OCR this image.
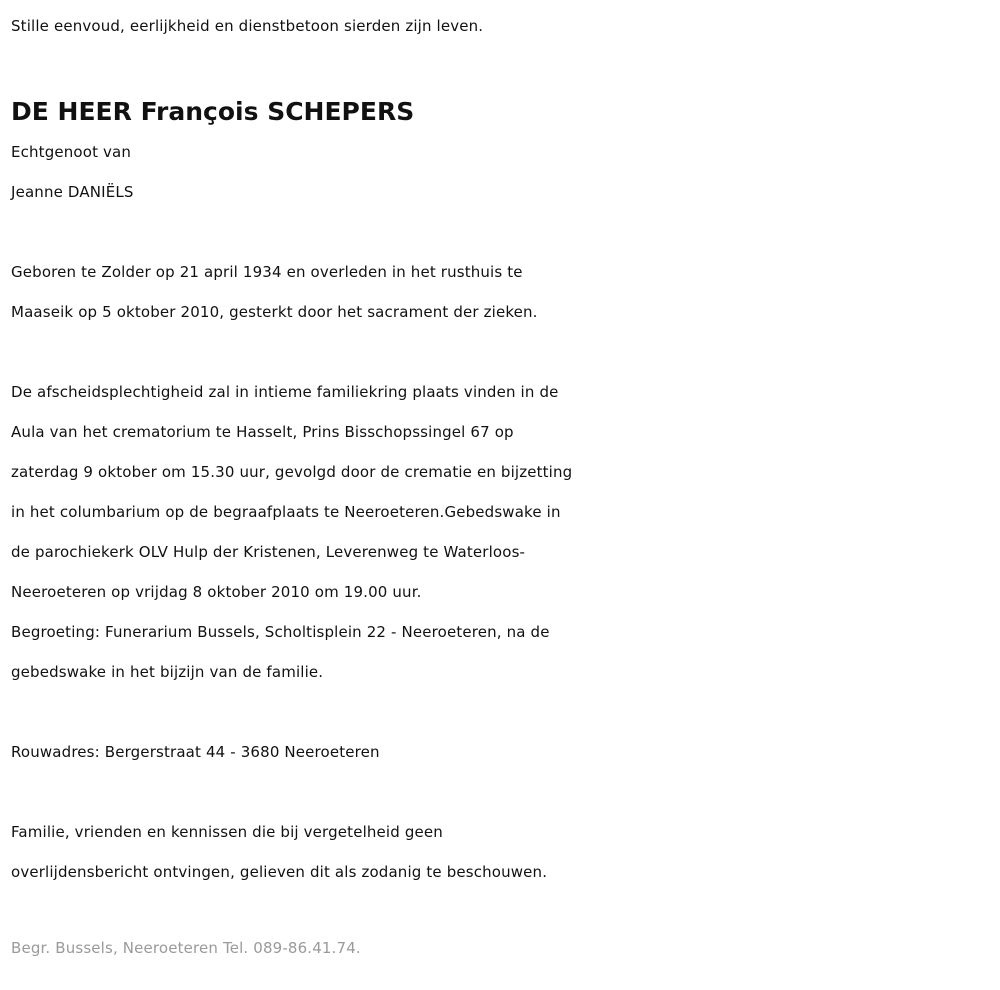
Stille eenvoud, eerlijkheid en dienstbetoon sierden zijn leven.
DE HEER François SCHEPERS
Echtgenoot van
Jeanne DANIËLS
Geboren te Zolder op 21 april 1934 en overleden in het rusthuis te
Maaseik op 5 oktober 2010, gesterkt door het sacrament der zieken.
De afscheidsplechtigheid zal in intieme familiekring plaats vinden in de
Aula van het crematorium te Hasselt, Prins Bisschopssingel 67 op
zaterdag 9 oktober om 15.30 uur, gevolgd door de crematie en bijzetting
in het columbarium op de begraafplaats te Neeroeteren.Gebedswake in
de parochiekerk OLV Hulp der Kristenen, Leverenweg te Waterloos-
Neeroeteren op vrijdag 8 oktober 2010 om 19.00 uur.
Begroeting: Funerarium Bussels, Scholtisplein 22 - Neeroeteren, na de
gebedswake in het bijzijn van de familie.
Rouwadres: Bergerstraat 44 - 3680 Neeroeteren
Familie, vrienden en kennissen die bij vergetelheid geen
overlijdensbericht ontvingen, gelieven dit als zodanig te beschouwen.
Begr. Bussels, Neeroeteren Tel. 089-86.41.74.
